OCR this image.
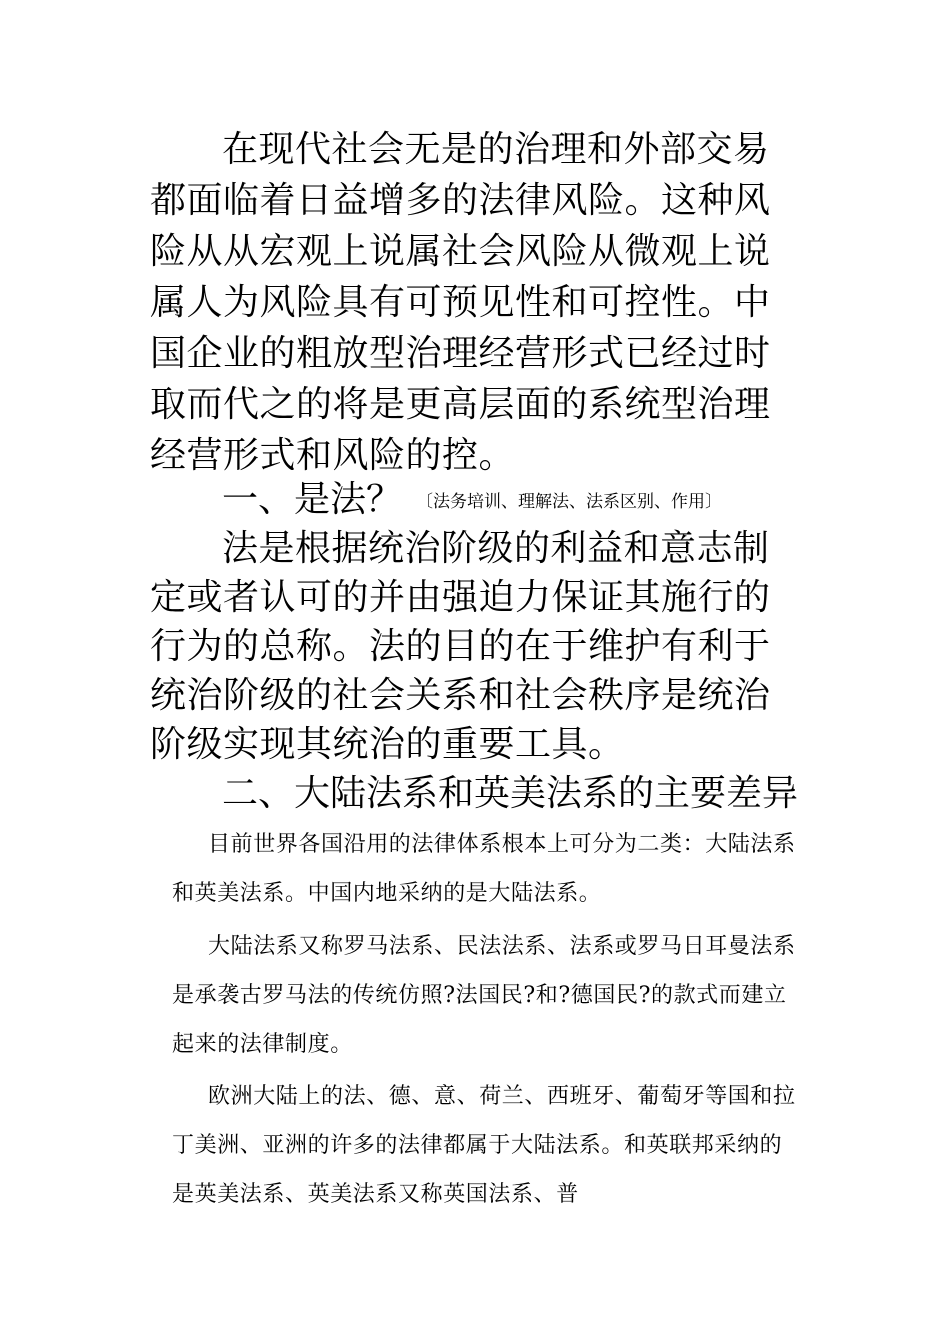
在现代社会无是的治理和外部交易都面临着日益增多的法律风险。这种风险从从宏观上说属社会风险从微观上说属人为风险具有可预见性和可控性。中国企业的粗放型治理经营形式已经过时取而代之的将是更高层面的系统型治理经营形式和风险的控。

一、是法？ 〔法务培训、理解法、法系区别、作用〕

法是根据统治阶级的利益和意志制定或者认可的并由强迫力保证其施行的行为的总称。法的目的在于维护有利于统治阶级的社会关系和社会秩序是统治阶级实现其统治的重要工具。

二、大陆法系和英美法系的主要差异

目前世界各国沿用的法律体系根本上可分为二类：大陆法系和英美法系。中国内地采纳的是大陆法系。

大陆法系又称罗马法系、民法法系、法系或罗马日耳曼法系是承袭古罗马法的传统仿照?法国民?和?德国民?的款式而建立起来的法律制度。

欧洲大陆上的法、德、意、荷兰、西班牙、葡萄牙等国和拉丁美洲、亚洲的许多的法律都属于大陆法系。和英联邦采纳的是英美法系、英美法系又称英国法系、普
